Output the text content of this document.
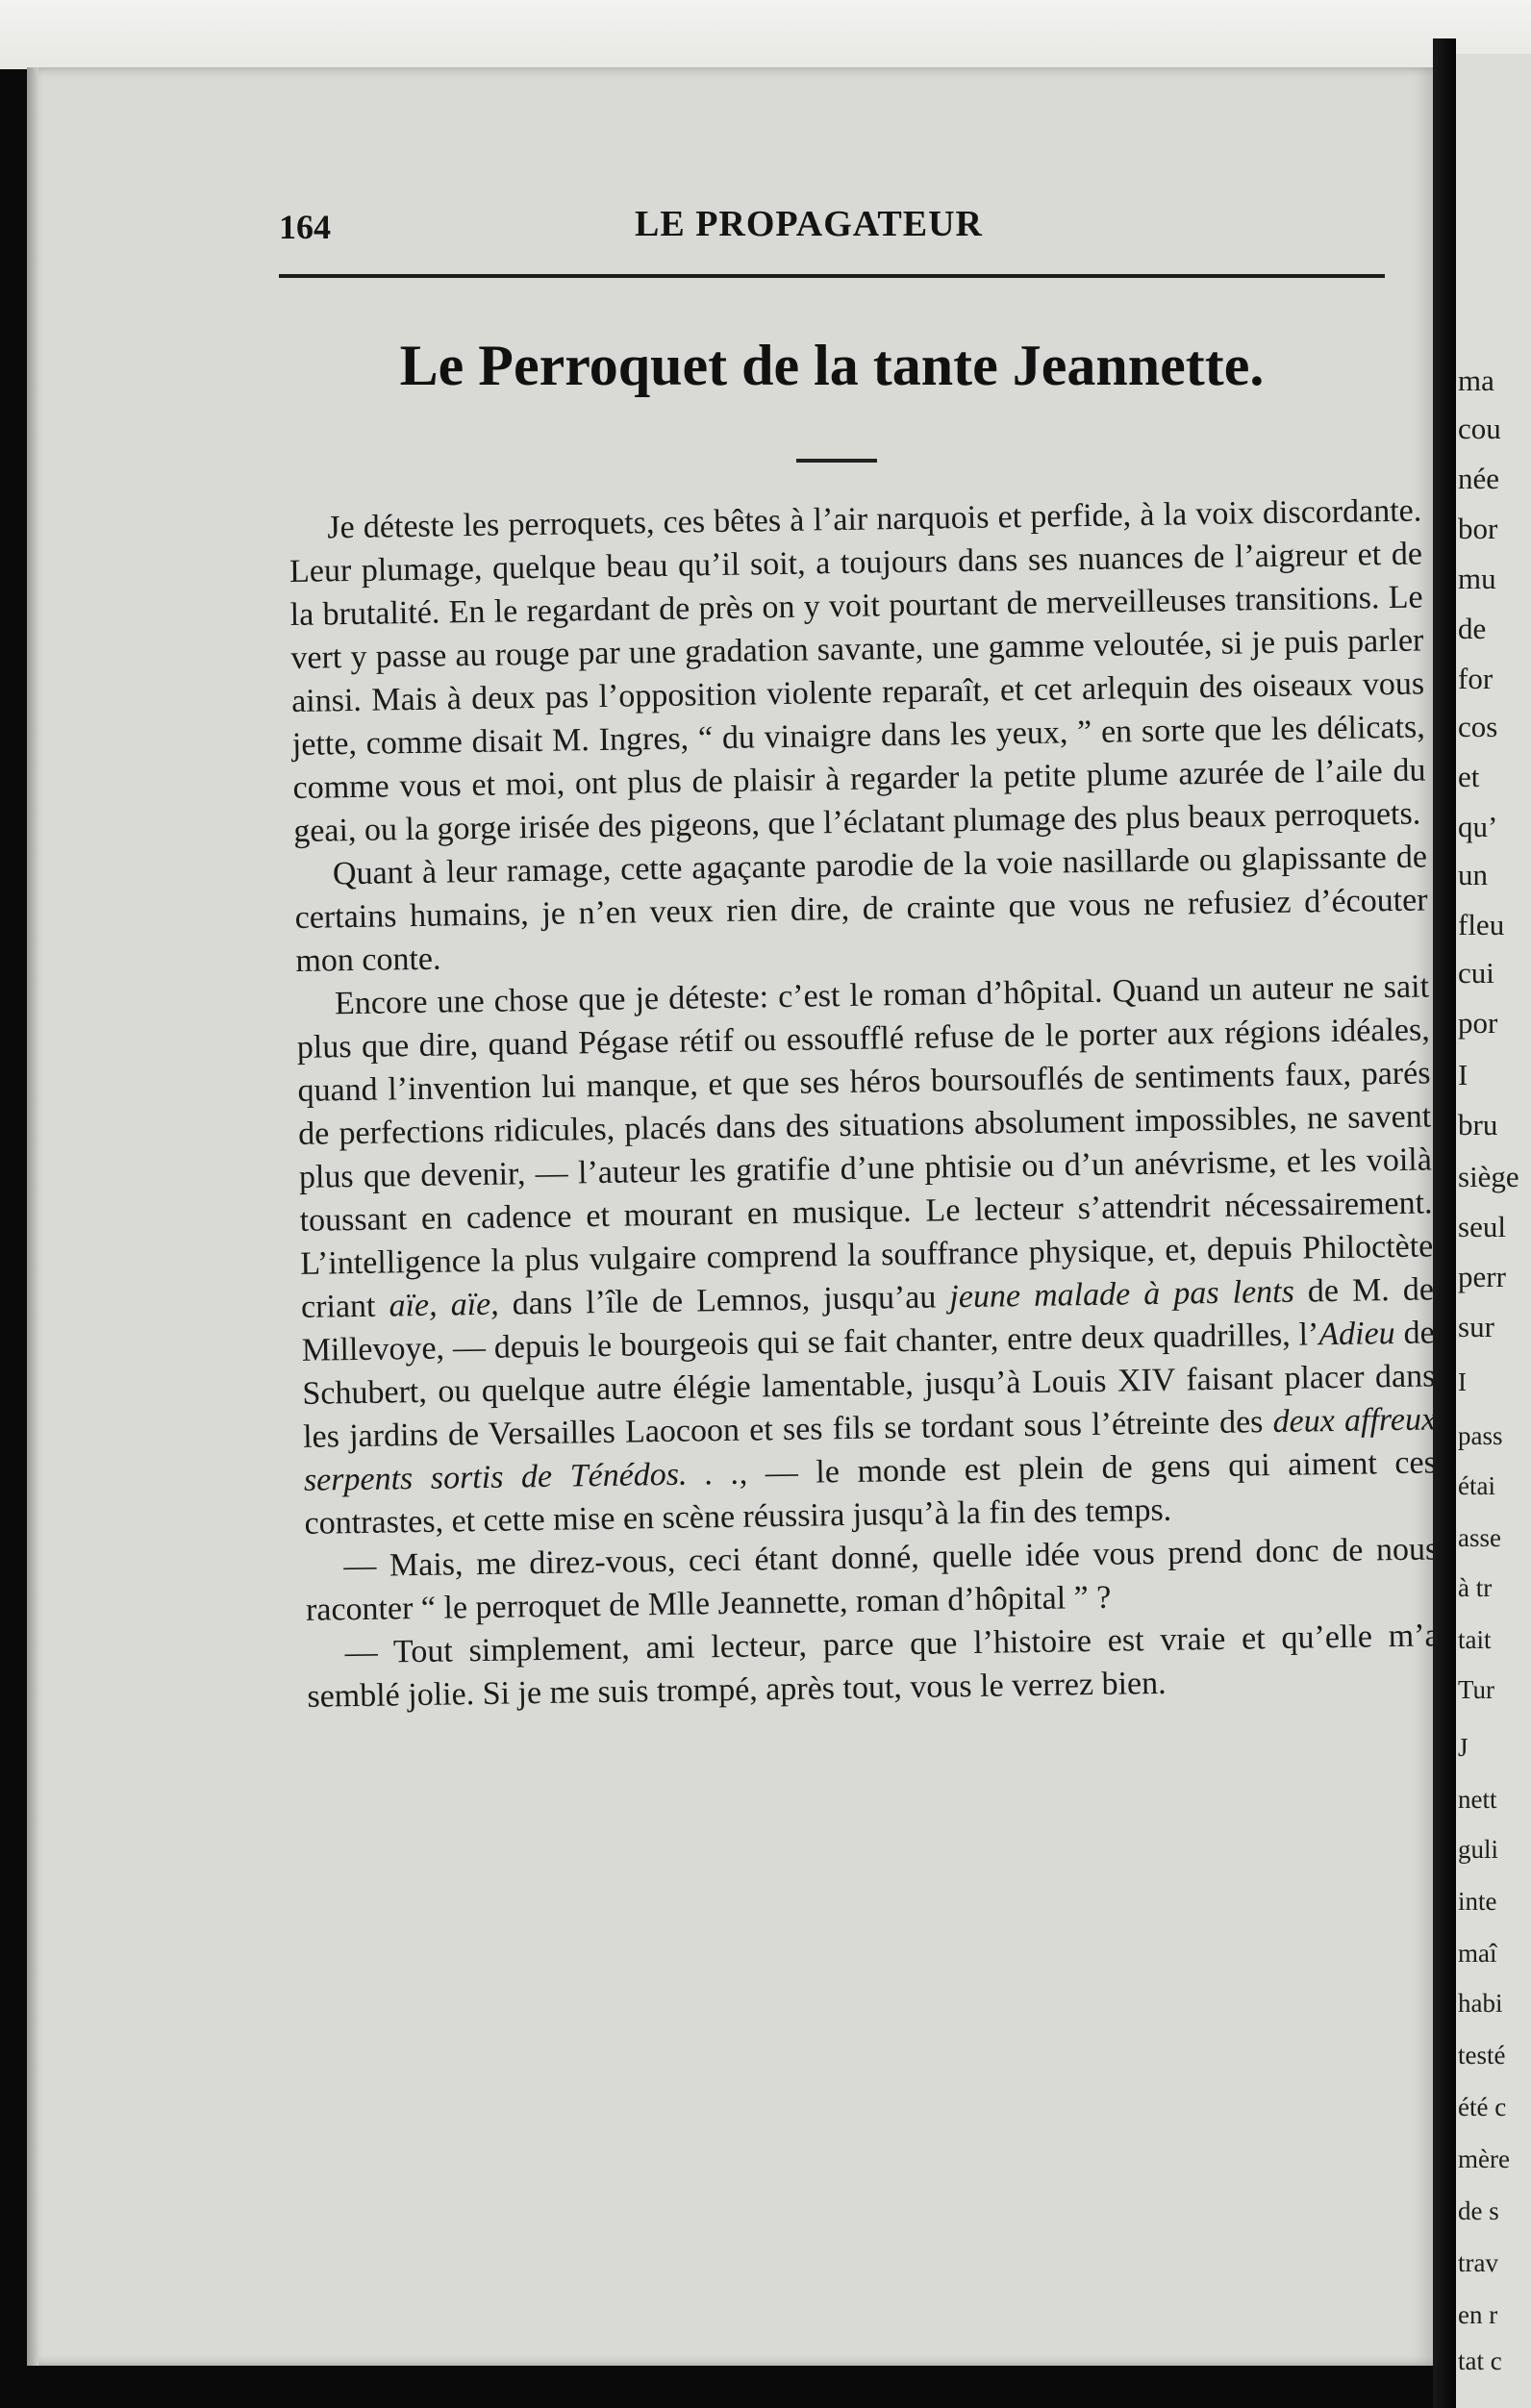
ma
cou
née
bor
mu
de
for
cos
et
qu’
un
fleu
cui
por
I
bru
siège
seul
perr
sur
I
pass
étai
asse
à tr
tait
Tur
J
nett
guli
inte
maî
habi
testé
été c
mère
de s
trav
en r
tat c
164	LE PROPAGATEUR
Le Perroquet de la tante Jeannette.

Je déteste les perroquets, ces bêtes à l’air narquois et perfide, à la voix discordante. Leur plumage, quelque beau qu’il soit, a toujours dans ses nuances de l’aigreur et de la brutalité. En le regardant de près on y voit pourtant de merveilleuses transitions. Le vert y passe au rouge par une gradation savante, une gamme veloutée, si je puis parler ainsi. Mais à deux pas l’opposition violente reparaît, et cet arlequin des oiseaux vous jette, comme disait M. Ingres, “ du vinaigre dans les yeux, ” en sorte que les délicats, comme vous et moi, ont plus de plaisir à regarder la petite plume azurée de l’aile du geai, ou la gorge irisée des pigeons, que l’éclatant plumage des plus beaux perroquets.

Quant à leur ramage, cette agaçante parodie de la voie nasillarde ou glapissante de certains humains, je n’en veux rien dire, de crainte que vous ne refusiez d’écouter mon conte.

Encore une chose que je déteste: c’est le roman d’hôpital. Quand un auteur ne sait plus que dire, quand Pégase rétif ou essoufflé refuse de le porter aux régions idéales, quand l’invention lui manque, et que ses héros boursouflés de sentiments faux, parés de perfections ridicules, placés dans des situations absolument impossibles, ne savent plus que devenir, — l’auteur les gratifie d’une phtisie ou d’un anévrisme, et les voilà toussant en cadence et mourant en musique. Le lecteur s’attendrit nécessairement. L’intelligence la plus vulgaire comprend la souffrance physique, et, depuis Philoctète criant aïe, aïe, dans l’île de Lemnos, jusqu’au jeune malade à pas lents de M. de Millevoye, — depuis le bourgeois qui se fait chanter, entre deux quadrilles, l’Adieu de Schubert, ou quelque autre élégie lamentable, jusqu’à Louis XIV faisant placer dans les jardins de Versailles Laocoon et ses fils se tordant sous l’étreinte des deux affreux serpents sortis de Ténédos. . ., — le monde est plein de gens qui aiment ces contrastes, et cette mise en scène réussira jusqu’à la fin des temps.

— Mais, me direz-vous, ceci étant donné, quelle idée vous prend donc de nous raconter “ le perroquet de Mlle Jeannette, roman d’hôpital ” ?

— Tout simplement, ami lecteur, parce que l’histoire est vraie et qu’elle m’a semblé jolie. Si je me suis trompé, après tout, vous le verrez bien.
